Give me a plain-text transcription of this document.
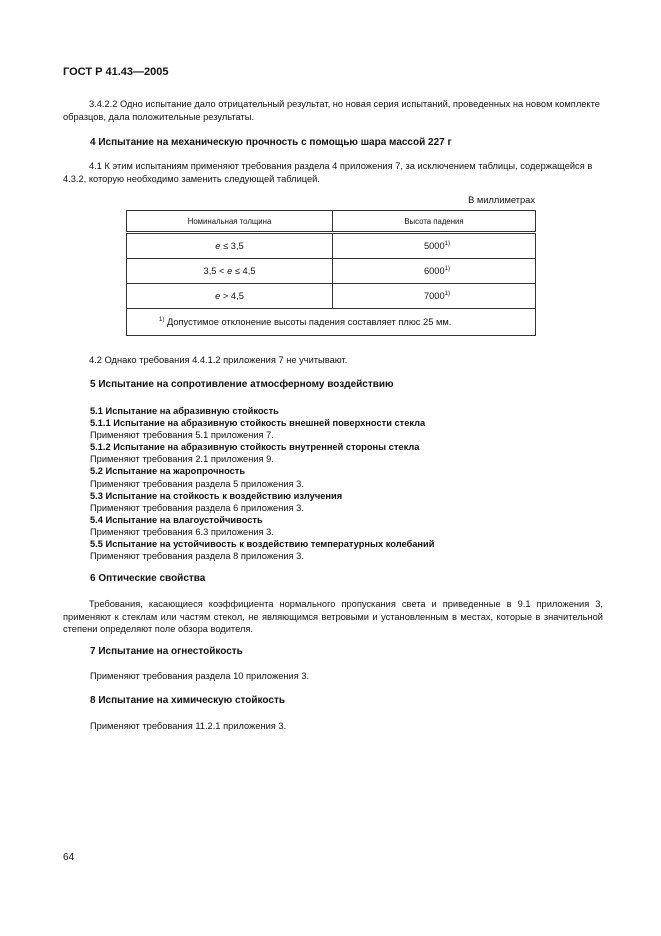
ГОСТ Р 41.43—2005
3.4.2.2 Одно испытание дало отрицательный результат, но новая серия испытаний, проведенных на новом комплекте образцов, дала положительные результаты.
4 Испытание на механическую прочность с помощью шара массой 227 г
4.1 К этим испытаниям применяют требования раздела 4 приложения 7, за исключением таблицы, содержащейся в 4.3.2, которую необходимо заменить следующей таблицей.
В миллиметрах
Номинальная толщина	Высота падения
e ≤ 3,5	5000$^{1)}$
3,5 < e ≤ 4,5	6000$^{1)}$
e > 4,5	7000$^{1)}$
$^{1)}$ Допустимое отклонение высоты падения составляет плюс 25 мм.	
4.2 Однако требования 4.4.1.2 приложения 7 не учитывают.
5 Испытание на сопротивление атмосферному воздействию
5.1 Испытание на абразивную стойкость
5.1.1 Испытание на абразивную стойкость внешней поверхности стекла
Применяют требования 5.1 приложения 7.
5.1.2 Испытание на абразивную стойкость внутренней стороны стекла
Применяют требования 2.1 приложения 9.
5.2 Испытание на жаропрочность
Применяют требования раздела 5 приложения 3.
5.3 Испытание на стойкость к воздействию излучения
Применяют требования раздела 6 приложения 3.
5.4 Испытание на влагоустойчивость
Применяют требования 6.3 приложения 3.
5.5 Испытание на устойчивость к воздействию температурных колебаний
Применяют требования раздела 8 приложения 3.
6 Оптические свойства
Требования, касающиеся коэффициента нормального пропускания света и приведенные в 9.1 приложения 3, применяют к стеклам или частям стекол, не являющимся ветровыми и установленным в местах, которые в значительной степени определяют поле обзора водителя.
7 Испытание на огнестойкость
Применяют требования раздела 10 приложения 3.
8 Испытание на химическую стойкость
Применяют требования 11.2.1 приложения 3.
64
